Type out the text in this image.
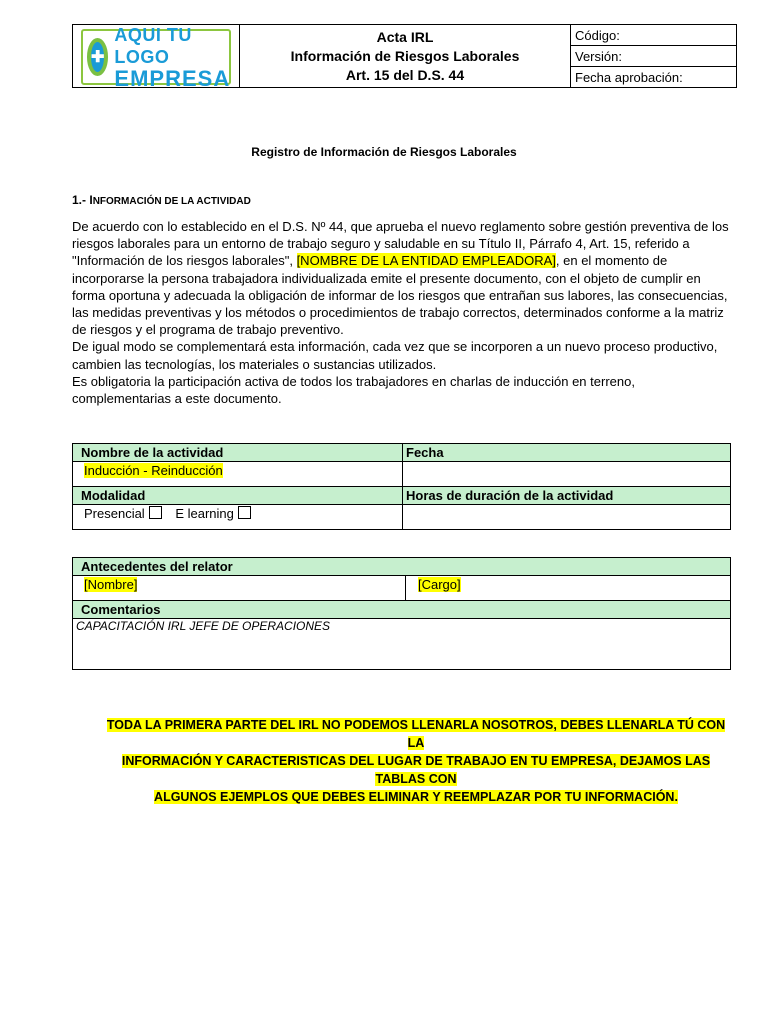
✚
AQUI TU LOGO
EMPRESA

Acta IRL
Información de Riesgos Laborales
Art. 15 del D.S. 44
	Código:
Versión:
Fecha aprobación:
Registro de Información de Riesgos Laborales
1.- INFORMACIÓN DE LA ACTIVIDAD

De acuerdo con lo establecido en el D.S. Nº 44, que aprueba el nuevo reglamento sobre gestión preventiva de los riesgos laborales para un entorno de trabajo seguro y saludable en su Título II, Párrafo 4, Art. 15, referido a "Información de los riesgos laborales", [NOMBRE DE LA ENTIDAD EMPLEADORA], en el momento de incorporarse la persona trabajadora individualizada emite el presente documento, con el objeto de cumplir en forma oportuna y adecuada la obligación de informar de los riesgos que entrañan sus labores, las consecuencias, las medidas preventivas y los métodos o procedimientos de trabajo correctos, determinados conforme a la matriz de riesgos y el programa de trabajo preventivo.

De igual modo se complementará esta información, cada vez que se incorporen a un nuevo proceso productivo, cambien las tecnologías, los materiales o sustancias utilizados.

Es obligatoria la participación activa de todos los trabajadores en charlas de inducción en terreno, complementarias a este documento.

Nombre de la actividad	Fecha
Inducción - Reinducción	
Modalidad	Horas de duración de la actividad
Presencial E learning	
Antecedentes del relator
[Nombre]	[Cargo]
Comentarios
CAPACITACIÓN IRL JEFE DE OPERACIONES
TODA LA PRIMERA PARTE DEL IRL NO PODEMOS LLENARLA NOSOTROS, DEBES LLENARLA TÚ CON LA
INFORMACIÓN Y CARACTERISTICAS DEL LUGAR DE TRABAJO EN TU EMPRESA, DEJAMOS LAS TABLAS CON
ALGUNOS EJEMPLOS QUE DEBES ELIMINAR Y REEMPLAZAR POR TU INFORMACIÓN.
